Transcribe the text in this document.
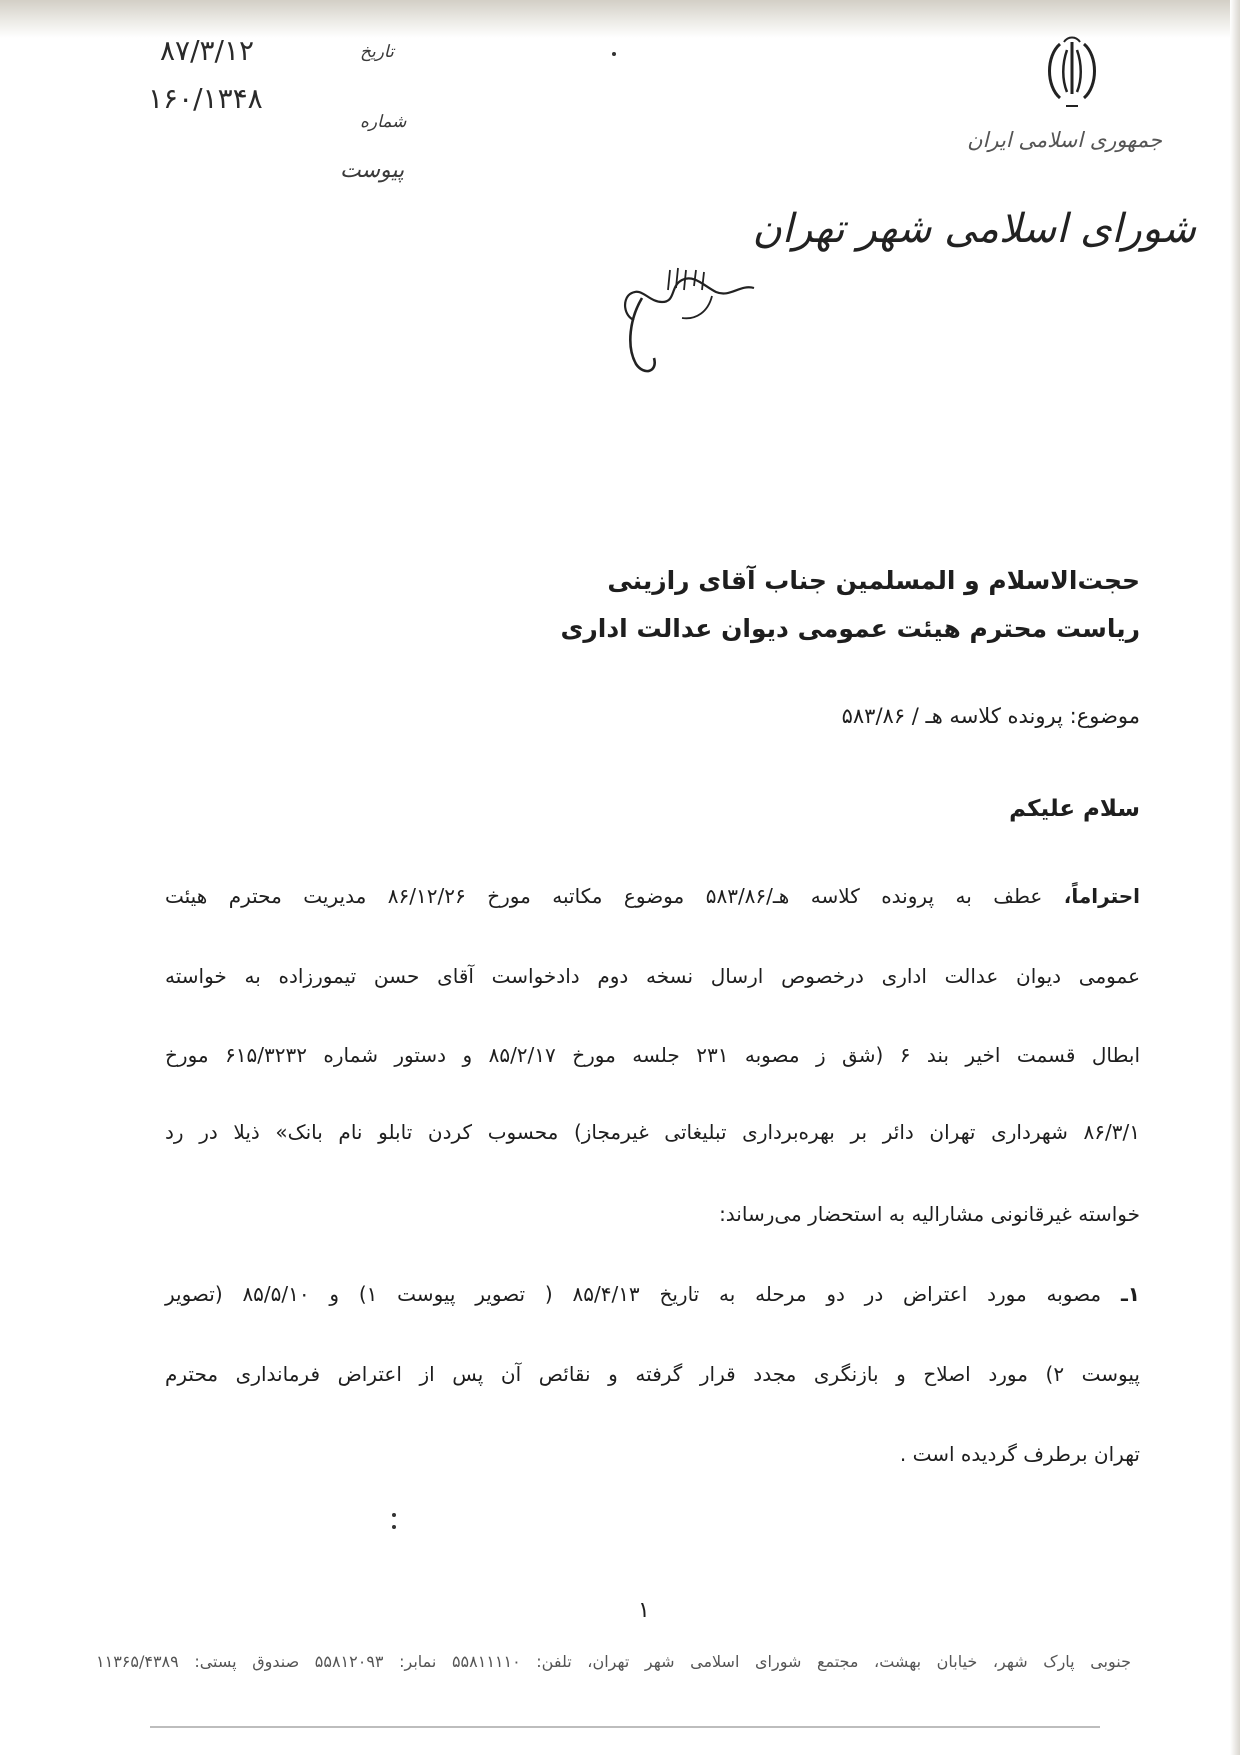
۸۷/۳/۱۲
۱۶۰/۱۳۴۸
تاریخ
شماره
پیوست
جمهوری اسلامی ایران
شورای اسلامی شهر تهران
حجت‌الاسلام و المسلمین جناب آقای رازینی
ریاست محترم هیئت عمومی دیوان عدالت اداری
موضوع: پرونده کلاسه هـ / ۵۸۳/۸۶
سلام علیکم
احتراماً، عطف به پرونده کلاسه هـ/۵۸۳/۸۶ موضوع مکاتبه مورخ ۸۶/۱۲/۲۶ مدیریت محترم هیئت
عمومی دیوان عدالت اداری درخصوص ارسال نسخه دوم دادخواست آقای حسن تیمورزاده به خواسته
ابطال قسمت اخیر بند ۶ (شق ز مصوبه ۲۳۱ جلسه مورخ ۸۵/۲/۱۷ و دستور شماره ۶۱۵/۳۲۳۲ مورخ
۸۶/۳/۱ شهرداری تهران دائر بر بهره‌برداری تبلیغاتی غیرمجاز) محسوب کردن تابلو نام بانک» ذیلا در رد
خواسته غیرقانونی مشارالیه به استحضار می‌رساند:
۱ـ مصوبه مورد اعتراض در دو مرحله به تاریخ ۸۵/۴/۱۳ ( تصویر پیوست ۱) و ۸۵/۵/۱۰ (تصویر
پیوست ۲) مورد اصلاح و بازنگری مجدد قرار گرفته و نقائص آن پس از اعتراض فرمانداری محترم
تهران برطرف گردیده است .
۱
جنوبی پارک شهر، خیابان بهشت، مجتمع شورای اسلامی شهر تهران، تلفن: ۵۵۸۱۱۱۱۰ نمابر: ۵۵۸۱۲۰۹۳ صندوق پستی: ۱۱۳۶۵/۴۳۸۹
